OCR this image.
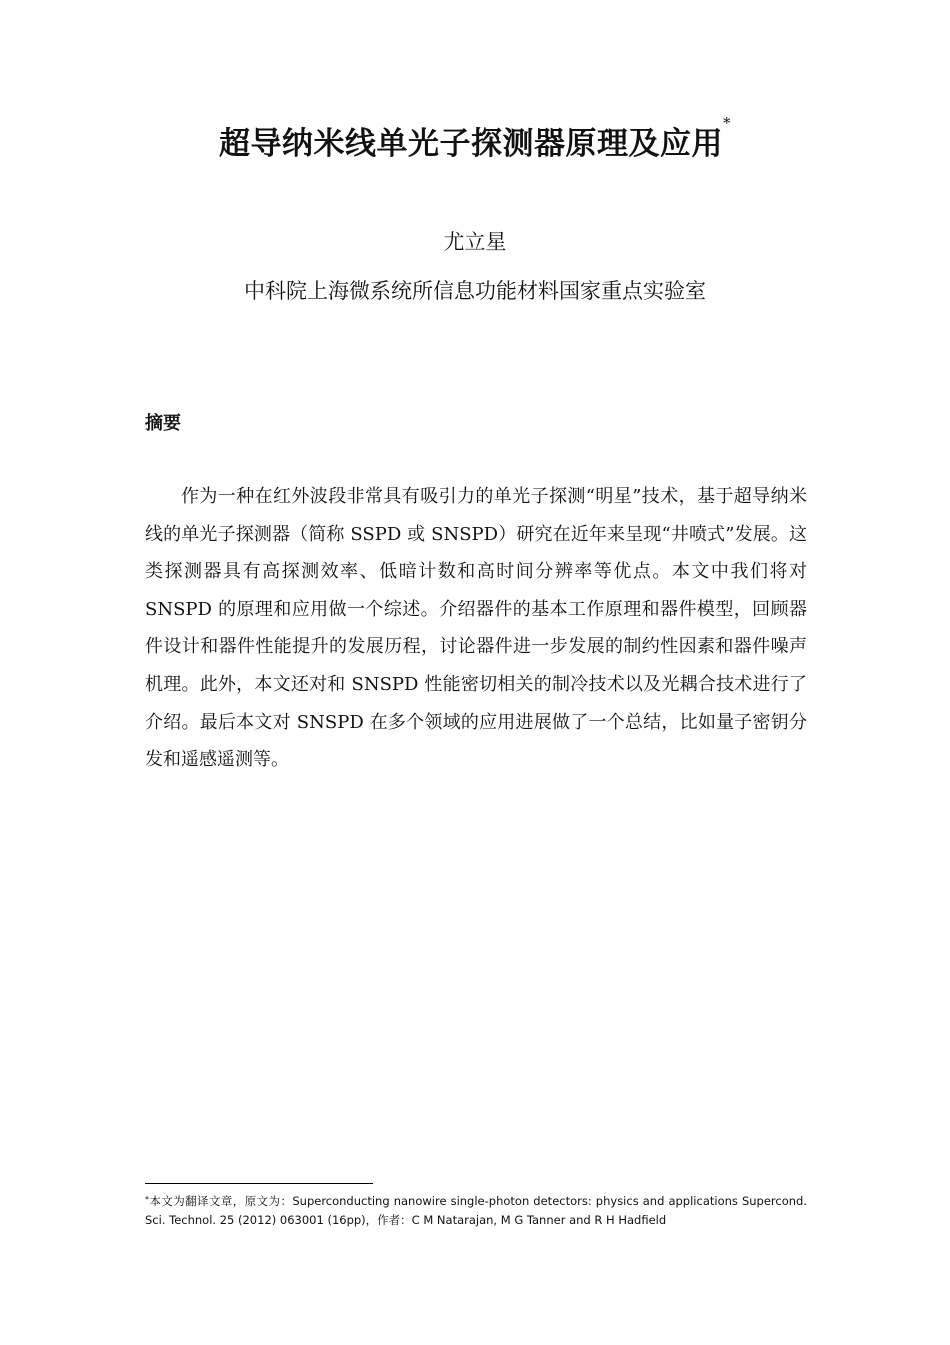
超导纳米线单光子探测器原理及应用*
尤立星
中科院上海微系统所信息功能材料国家重点实验室
摘要
作为一种在红外波段非常具有吸引力的单光子探测“明星”技术，基于超导纳米线的单光子探测器（简称 SSPD 或 SNSPD）研究在近年来呈现“井喷式”发展。这类探测器具有高探测效率、低暗计数和高时间分辨率等优点。本文中我们将对 SNSPD 的原理和应用做一个综述。介绍器件的基本工作原理和器件模型，回顾器件设计和器件性能提升的发展历程，讨论器件进一步发展的制约性因素和器件噪声机理。此外，本文还对和 SNSPD 性能密切相关的制冷技术以及光耦合技术进行了介绍。最后本文对 SNSPD 在多个领域的应用进展做了一个总结，比如量子密钥分发和遥感遥测等。
*本文为翻译文章，原文为：Superconducting nanowire single-photon detectors: physics and applications Supercond. Sci. Technol. 25 (2012) 063001 (16pp)，作者：C M Natarajan, M G Tanner and R H Hadfield
